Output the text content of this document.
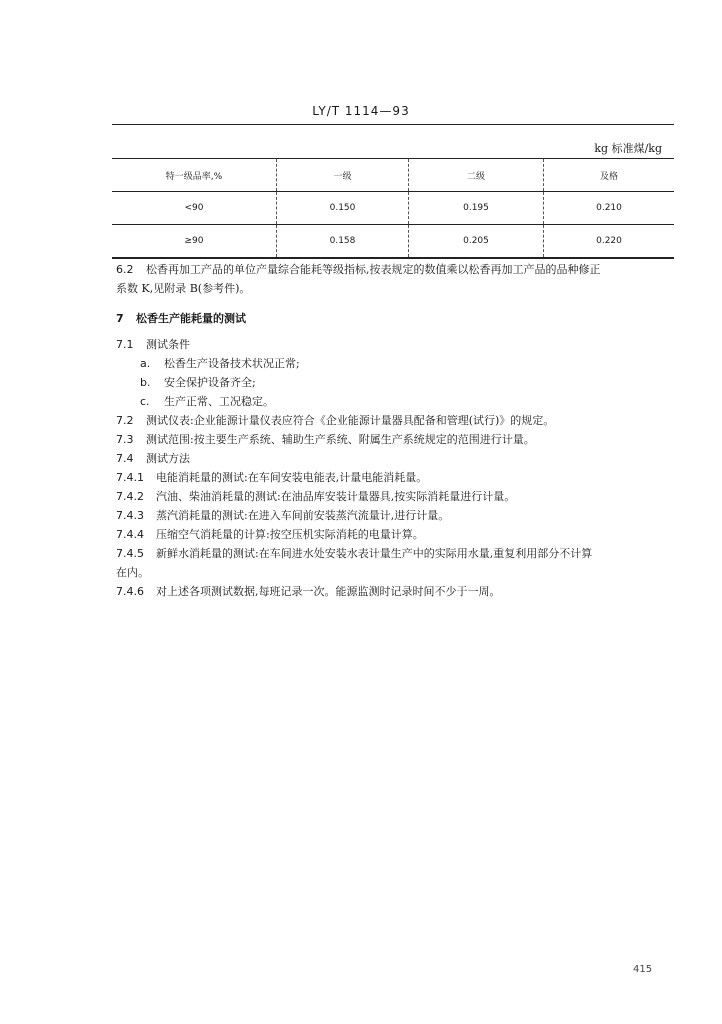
LY/T 1114—93
kg 标准煤/kg
特一级品率,%	一级	二级	及格
<90	0.150	0.195	0.210
≥90	0.158	0.205	0.220
6.2 松香再加工产品的单位产量综合能耗等级指标,按表规定的数值乘以松香再加工产品的品种修正
系数 K,见附录 B(参考件)。
7 松香生产能耗量的测试
7.1 测试条件
a. 松香生产设备技术状况正常;
b. 安全保护设备齐全;
c. 生产正常、工况稳定。
7.2 测试仪表:企业能源计量仪表应符合《企业能源计量器具配备和管理(试行)》的规定。
7.3 测试范围:按主要生产系统、辅助生产系统、附属生产系统规定的范围进行计量。
7.4 测试方法
7.4.1 电能消耗量的测试:在车间安装电能表,计量电能消耗量。
7.4.2 汽油、柴油消耗量的测试:在油品库安装计量器具,按实际消耗量进行计量。
7.4.3 蒸汽消耗量的测试:在进入车间前安装蒸汽流量计,进行计量。
7.4.4 压缩空气消耗量的计算:按空压机实际消耗的电量计算。
7.4.5 新鲜水消耗量的测试:在车间进水处安装水表计量生产中的实际用水量,重复利用部分不计算
在内。
7.4.6 对上述各项测试数据,每班记录一次。能源监测时记录时间不少于一周。
415
